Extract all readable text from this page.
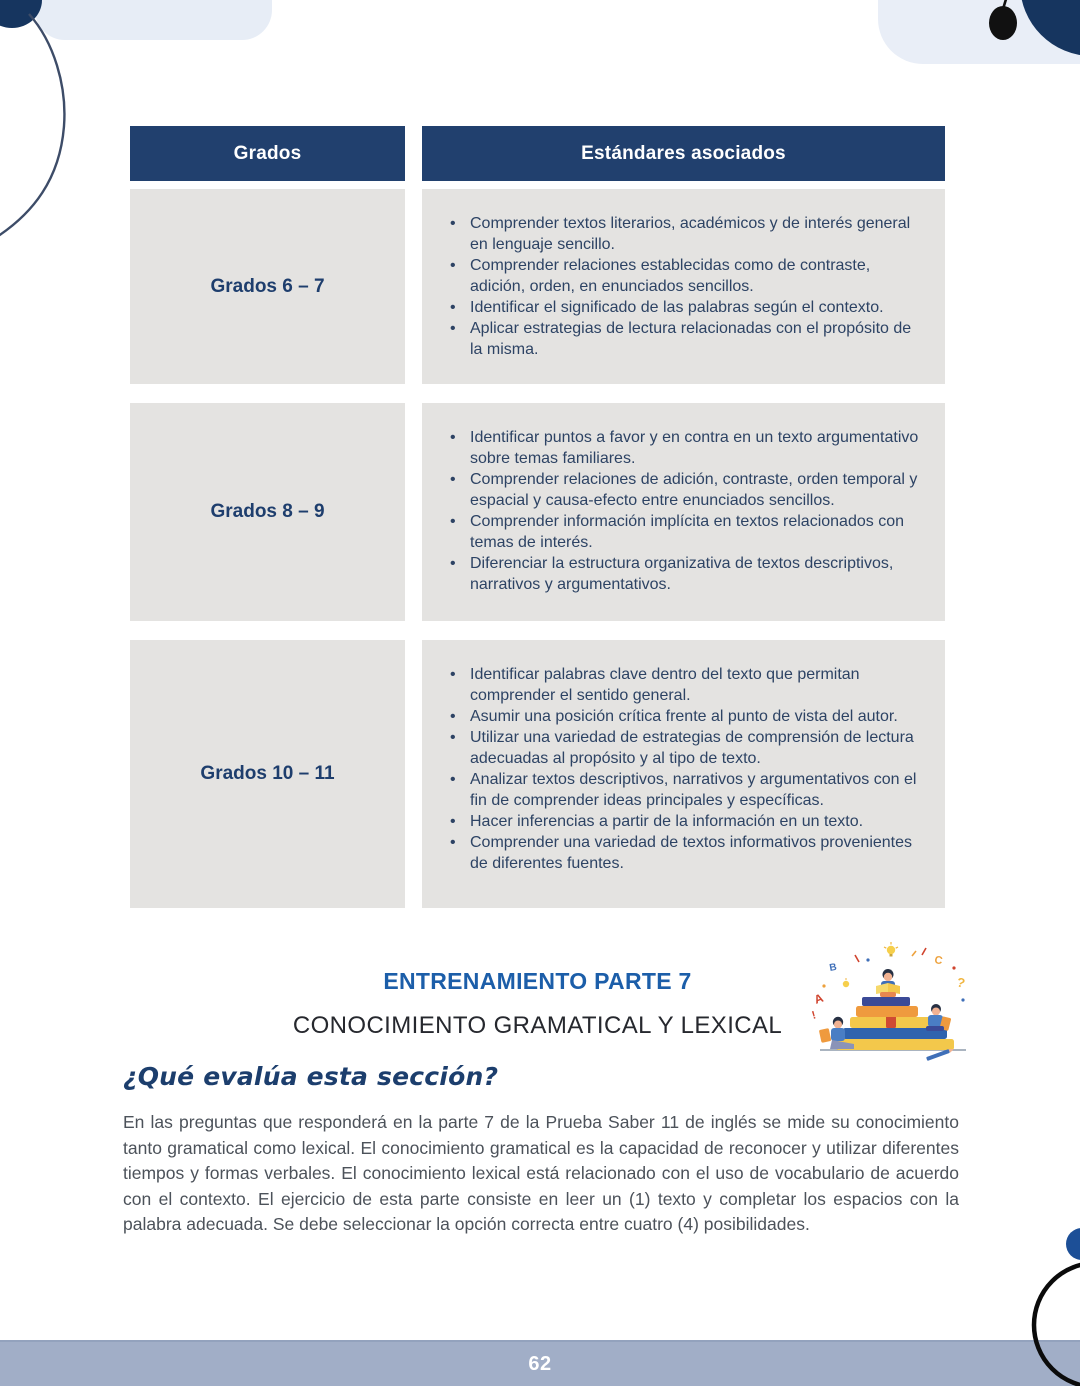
Grados	Estándares asociados
Grados 6 – 7
• Comprender textos literarios, académicos y de interés general en lenguaje sencillo.
• Comprender relaciones establecidas como de contraste, adición, orden, en enunciados sencillos.
• Identificar el significado de las palabras según el contexto.
• Aplicar estrategias de lectura relacionadas con el propósito de la misma.
Grados 8 – 9
• Identificar puntos a favor y en contra en un texto argumentativo sobre temas familiares.
• Comprender relaciones de adición, contraste, orden temporal y espacial y causa-efecto entre enunciados sencillos.
• Comprender información implícita en textos relacionados con temas de interés.
• Diferenciar la estructura organizativa de textos descriptivos, narrativos y argumentativos.
Grados 10 – 11
• Identificar palabras clave dentro del texto que permitan comprender el sentido general.
• Asumir una posición crítica frente al punto de vista del autor.
• Utilizar una variedad de estrategias de comprensión de lectura adecuadas al propósito y al tipo de texto.
• Analizar textos descriptivos, narrativos y argumentativos con el fin de comprender ideas principales y específicas.
• Hacer inferencias a partir de la información en un texto.
• Comprender una variedad de textos informativos provenientes de diferentes fuentes.
ENTRENAMIENTO PARTE 7
CONOCIMIENTO GRAMATICAL Y LEXICAL
A
B
C
?
!
¿Qué evalúa esta sección?
En las preguntas que responderá en la parte 7 de la Prueba Saber 11 de inglés se mide su conocimiento tanto gramatical como lexical. El conocimiento gramatical es la capacidad de reconocer y utilizar diferentes tiempos y formas verbales. El conocimiento lexical está relacionado con el uso de vocabulario de acuerdo con el contexto. El ejercicio de esta parte consiste en leer un (1) texto y completar los espacios con la palabra adecuada. Se debe seleccionar la opción correcta entre cuatro (4) posibilidades.
62
